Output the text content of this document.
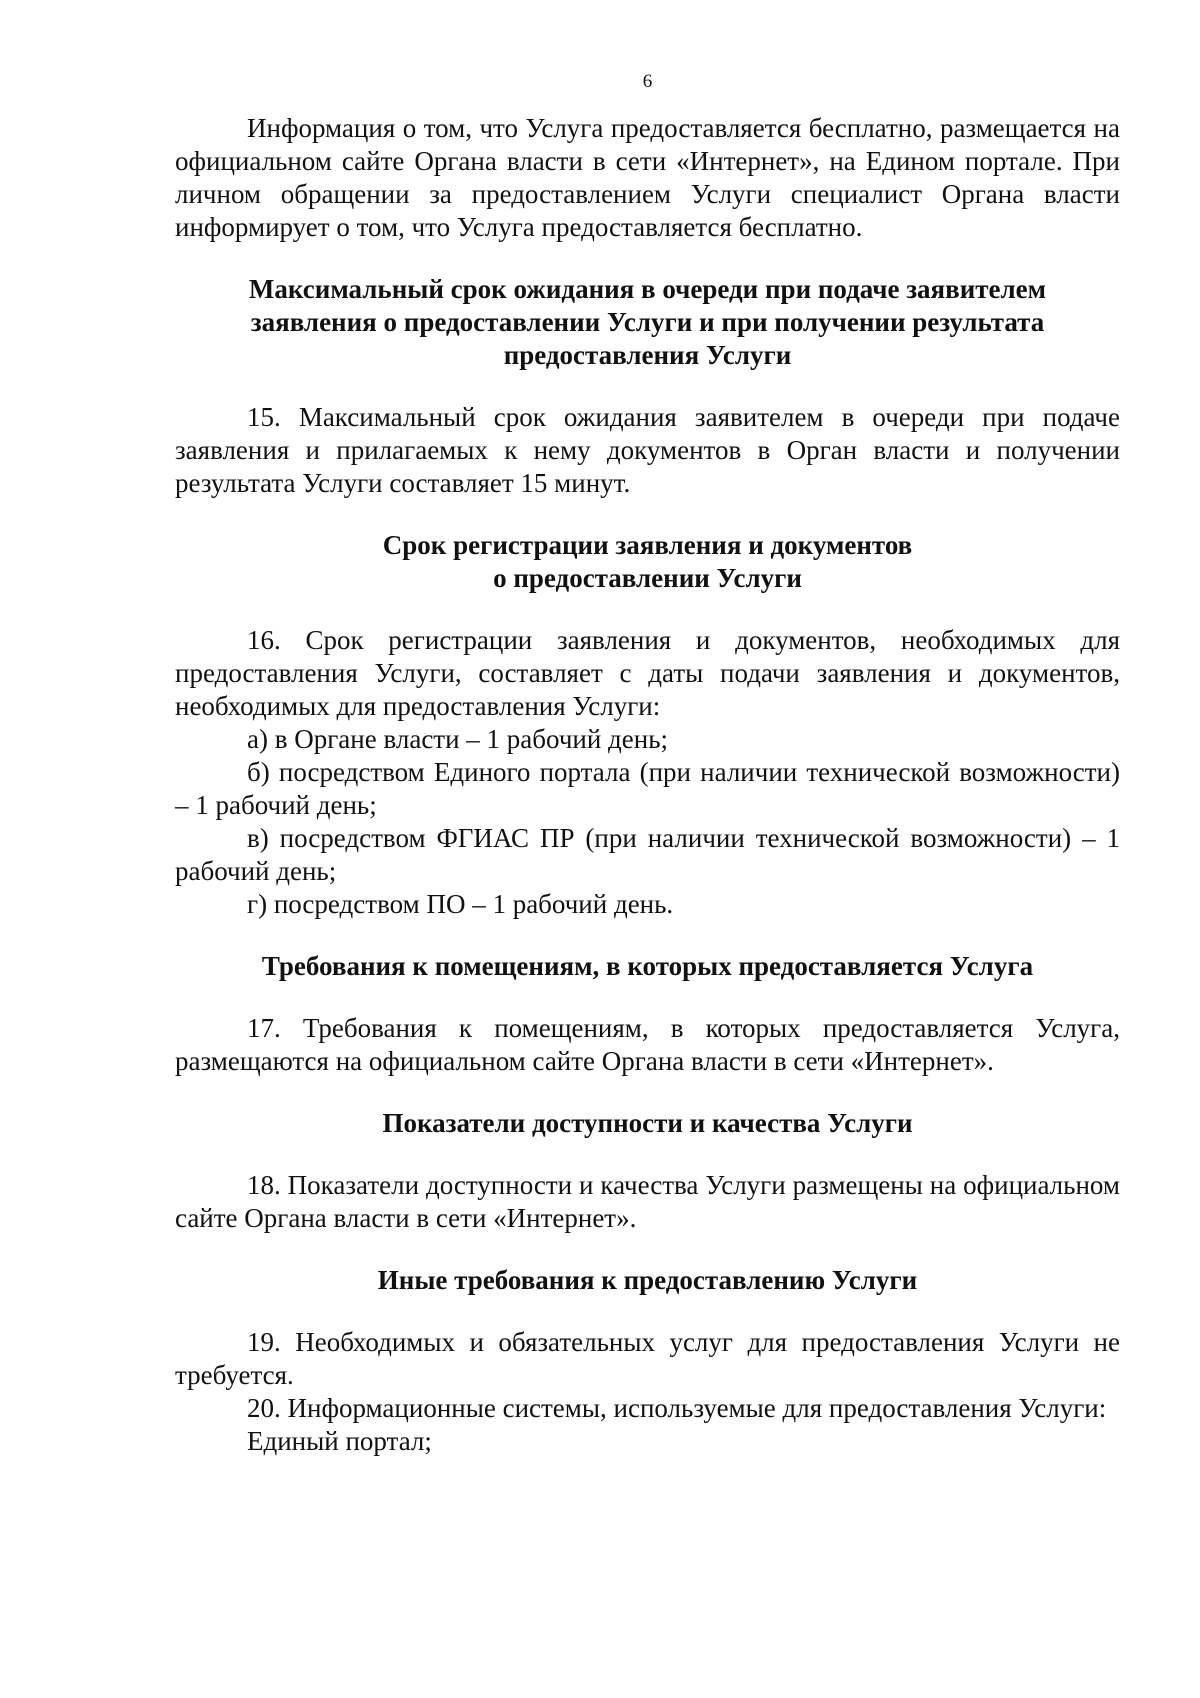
6

Информация о том, что Услуга предоставляется бесплатно, размещается на официальном сайте Органа власти в сети «Интернет», на Едином портале. При личном обращении за предоставлением Услуги специалист Органа власти информирует о том, что Услуга предоставляется бесплатно.

Максимальный срок ожидания в очереди при подаче заявителем

заявления о предоставлении Услуги и при получении результата

предоставления Услуги

15. Максимальный срок ожидания заявителем в очереди при подаче заявления и прилагаемых к нему документов в Орган власти и получении результата Услуги составляет 15 минут.

Срок регистрации заявления и документов

о предоставлении Услуги

16. Срок регистрации заявления и документов, необходимых для предоставления Услуги, составляет с даты подачи заявления и документов, необходимых для предоставления Услуги:

а) в Органе власти – 1 рабочий день;

б) посредством Единого портала (при наличии технической возможности) – 1 рабочий день;

в) посредством ФГИАС ПР (при наличии технической возможности) – 1 рабочий день;

г) посредством ПО – 1 рабочий день.

Требования к помещениям, в которых предоставляется Услуга

17. Требования к помещениям, в которых предоставляется Услуга, размещаются на официальном сайте Органа власти в сети «Интернет».

Показатели доступности и качества Услуги

18. Показатели доступности и качества Услуги размещены на официальном сайте Органа власти в сети «Интернет».

Иные требования к предоставлению Услуги

19. Необходимых и обязательных услуг для предоставления Услуги не требуется.

20. Информационные системы, используемые для предоставления Услуги:

Единый портал;
